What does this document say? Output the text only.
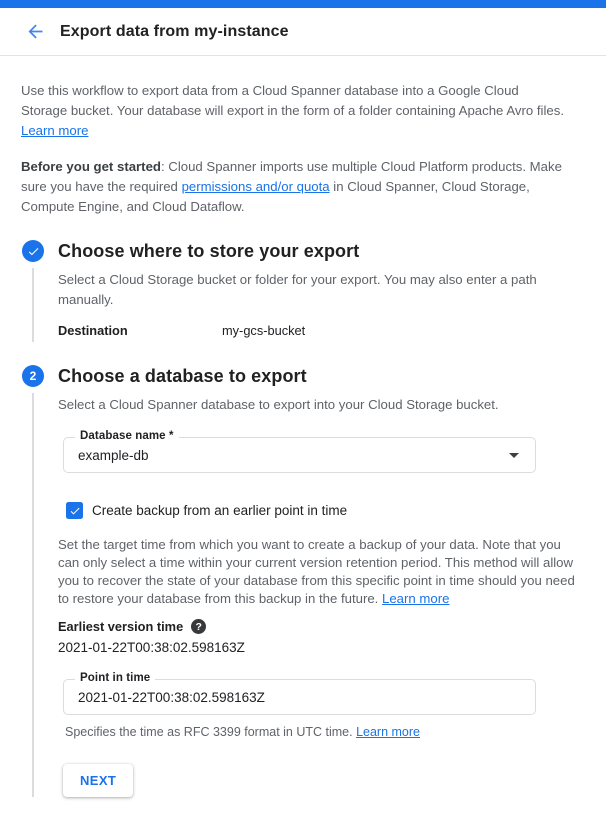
Export data from my-instance

Use this workflow to export data from a Cloud Spanner database into a Google Cloud Storage bucket. Your database will export in the form of a folder containing Apache Avro files. Learn more

Before you get started: Cloud Spanner imports use multiple Cloud Platform products. Make sure you have the required permissions and/or quota in Cloud Spanner, Cloud Storage, Compute Engine, and Cloud Dataflow.

Choose where to store your export

Select a Cloud Storage bucket or folder for your export. You may also enter a path manually.

Destination	my-gcs-bucket
2	Choose a database to export

Select a Cloud Spanner database to export into your Cloud Storage bucket.

Database name *
example-db
Create backup from an earlier point in time

Set the target time from which you want to create a backup of your data. Note that you can only select a time within your current version retention period. This method will allow you to recover the state of your database from this specific point in time should you need to restore your database from this backup in the future. Learn more

Earliest version time	?
2021-01-22T00:38:02.598163Z
Point in time
2021-01-22T00:38:02.598163Z

Specifies the time as RFC 3399 format in UTC time. Learn more

NEXT
